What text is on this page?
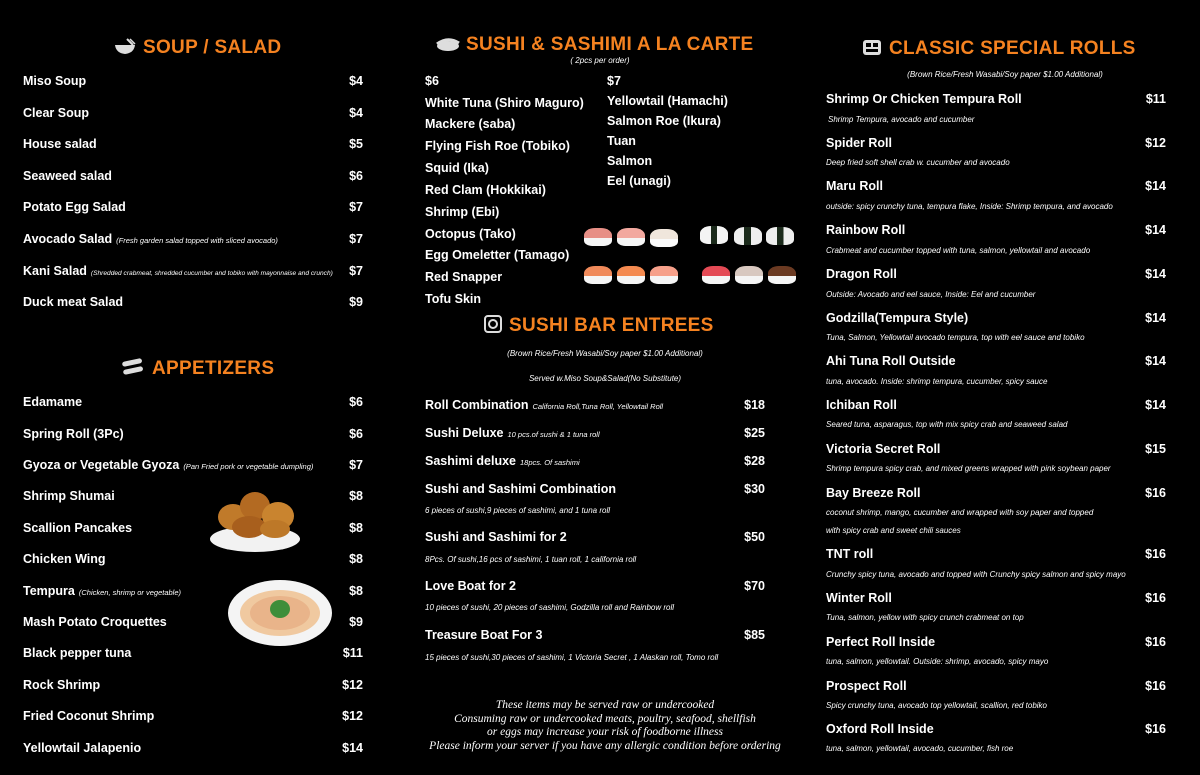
SOUP / SALAD
Miso Soup	$4
Clear Soup	$4
House salad	$5
Seaweed salad	$6
Potato Egg Salad	$7
Avocado Salad (Fresh garden salad topped with sliced avocado)	$7
Kani Salad (Shredded crabmeat, shredded cucumber and tobiko with mayonnaise and crunch) $7
Duck meat Salad	$9
APPETIZERS
Edamame	$6
Spring Roll (3Pc)	$6
Gyoza or Vegetable Gyoza (Pan Fried pork or vegetable dumpling)	$7
Shrimp Shumai	$8
Scallion Pancakes	$8
Chicken Wing	$8
Tempura (Chicken, shrimp or vegetable)	$8
Mash Potato Croquettes	$9
Black pepper tuna	$11
Rock Shrimp	$12
Fried Coconut Shrimp	$12
Yellowtail Jalapenio	$14
SUSHI & SASHIMI A LA CARTE
( 2pcs per order)
$6
White Tuna (Shiro Maguro)
Mackere (saba)
Flying Fish Roe (Tobiko)
Squid (Ika)
Red Clam (Hokkikai)
Shrimp (Ebi)
Octopus (Tako)
Egg Omeletter (Tamago)
Red Snapper
Tofu Skin
$7
Yellowtail (Hamachi)
Salmon Roe (Ikura)
Tuan
Salmon
Eel (unagi)
SUSHI BAR ENTREES
(Brown Rice/Fresh Wasabi/Soy paper $1.00 Additional)
Served w.Miso Soup&Salad(No Substitute)
Roll Combination California Roll,Tuna Roll, Yellowtail Roll	$18
Sushi Deluxe 10 pcs.of sushi & 1 tuna roll	$25
Sashimi deluxe 18pcs. Of sashimi	$28
Sushi and Sashimi Combination	$30
6 pieces of sushi,9 pieces of sashimi, and 1 tuna roll
Sushi and Sashimi for 2	$50
8Pcs. Of sushi,16 pcs of sashimi, 1 tuan roll, 1 california roll
Love Boat for 2	$70
10 pieces of sushi, 20 pieces of sashimi, Godzilla roll and Rainbow roll
Treasure Boat For 3	$85
15 pieces of sushi,30 pieces of sashimi, 1 Victoria Secret , 1 Alaskan roll, Tomo roll
These items may be served raw or undercooked
Consuming raw or undercooked meats, poultry, seafood, shellfish
or eggs may increase your risk of foodborne illness
Please inform your server if you have any allergic condition before ordering
CLASSIC SPECIAL ROLLS
(Brown Rice/Fresh Wasabi/Soy paper $1.00 Additional)
Shrimp Or Chicken Tempura Roll	$11
Shrimp Tempura, avocado and cucumber
Spider Roll	$12
Deep fried soft shell crab w. cucumber and avocado
Maru Roll	$14
outside: spicy crunchy tuna, tempura flake, Inside: Shrimp tempura, and avocado
Rainbow Roll	$14
Crabmeat and cucumber topped with tuna, salmon, yellowtail and avocado
Dragon Roll	$14
Outside: Avocado and eel sauce, Inside: Eel and cucumber
Godzilla(Tempura Style)	$14
Tuna, Salmon, Yellowtail avocado tempura, top with eel sauce and tobiko
Ahi Tuna Roll Outside	$14
tuna, avocado. Inside: shrimp tempura, cucumber, spicy sauce
Ichiban Roll	$14
Seared tuna, asparagus, top with mix spicy crab and seaweed salad
Victoria Secret Roll	$15
Shrimp tempura spicy crab, and mixed greens wrapped with pink soybean paper
Bay Breeze Roll	$16
coconut shrimp, mango, cucumber and wrapped with soy paper and topped
with spicy crab and sweet chili sauces
TNT roll	$16
Crunchy spicy tuna, avocado and topped with Crunchy spicy salmon and spicy mayo
Winter Roll	$16
Tuna, salmon, yellow with spicy crunch crabmeat on top
Perfect Roll Inside	$16
tuna, salmon, yellowtail. Outside: shrimp, avocado, spicy mayo
Prospect Roll	$16
Spicy crunchy tuna, avocado top yellowtail, scallion, red tobiko
Oxford Roll Inside	$16
tuna, salmon, yellowtail, avocado, cucumber, fish roe
